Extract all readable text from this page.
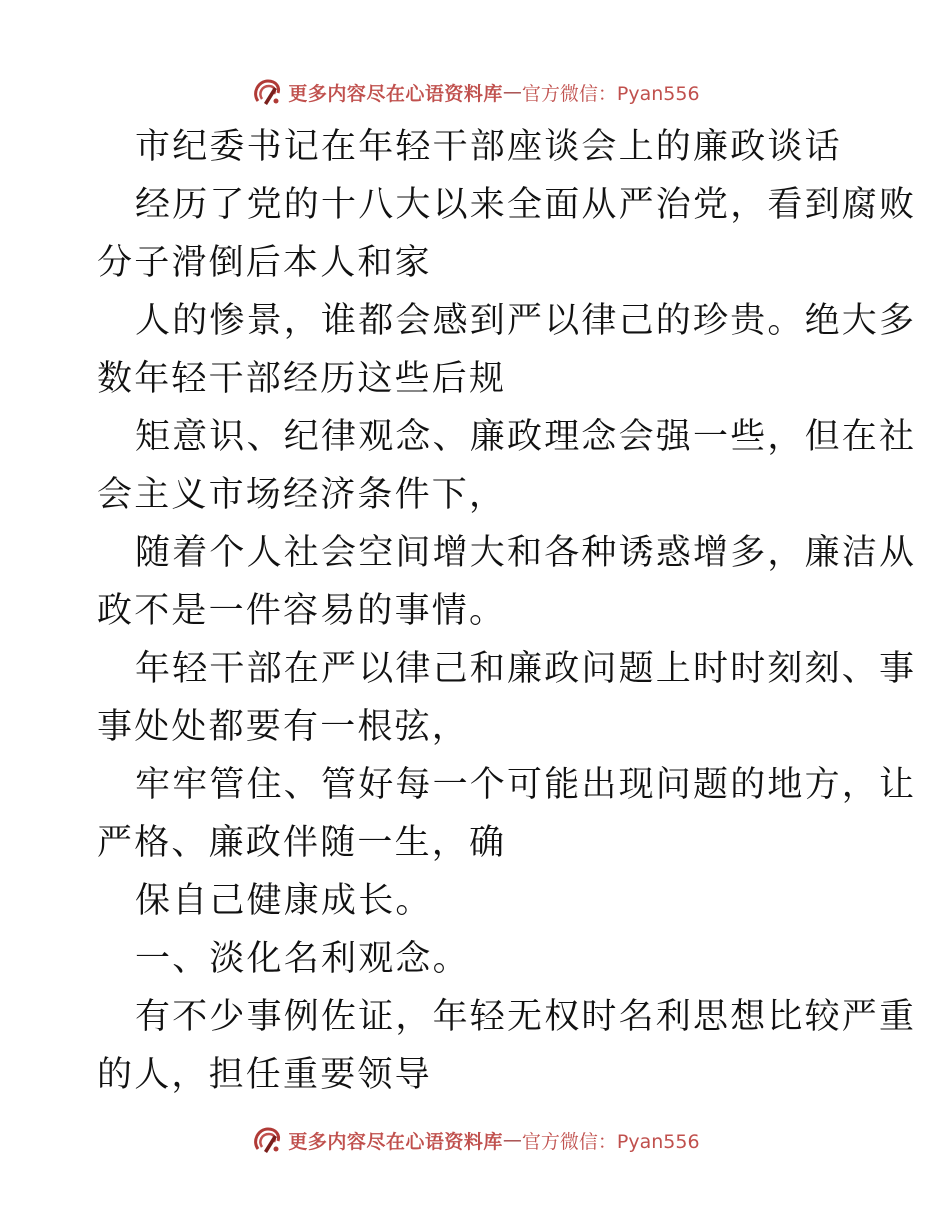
更多内容尽在心语资料库 — 官方微信：Pyan556
市纪委书记在年轻干部座谈会上的廉政谈话
经历了党的十八大以来全面从严治党，看到腐败
分子滑倒后本人和家
人的惨景，谁都会感到严以律己的珍贵。绝大多
数年轻干部经历这些后规
矩意识、纪律观念、廉政理念会强一些，但在社
会主义市场经济条件下，
随着个人社会空间增大和各种诱惑增多，廉洁从
政不是一件容易的事情。
年轻干部在严以律己和廉政问题上时时刻刻、事
事处处都要有一根弦，
牢牢管住、管好每一个可能出现问题的地方，让
严格、廉政伴随一生，确
保自己健康成长。
一、淡化名利观念。
有不少事例佐证，年轻无权时名利思想比较严重
的人，担任重要领导
更多内容尽在心语资料库 — 官方微信：Pyan556
